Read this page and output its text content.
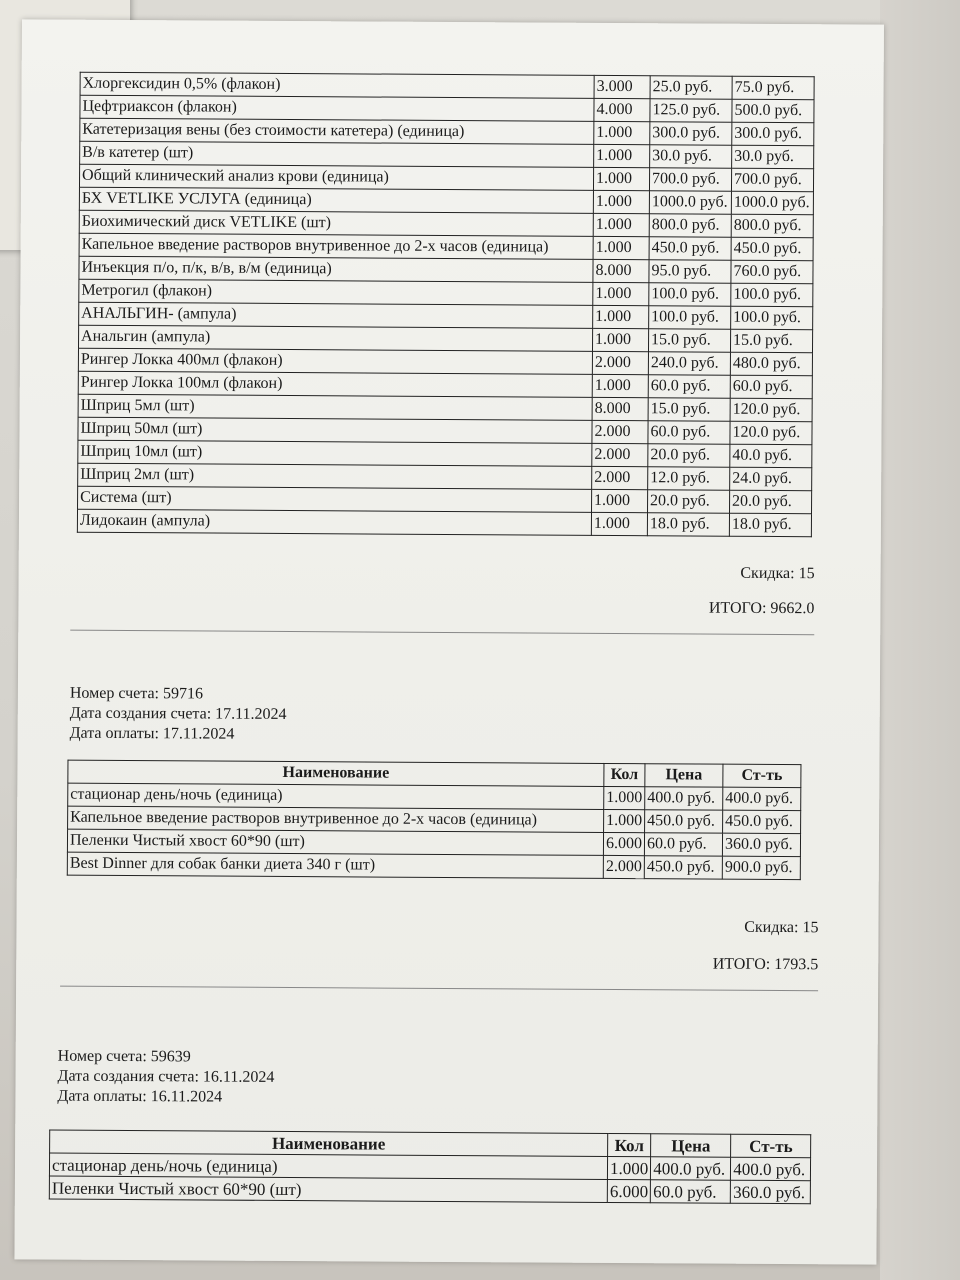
Хлоргексидин 0,5% (флакон)	3.000	25.0 руб.	75.0 руб.
Цефтриаксон (флакон)	4.000	125.0 руб.	500.0 руб.
Катетеризация вены (без стоимости катетера) (единица)	1.000	300.0 руб.	300.0 руб.
В/в катетер (шт)	1.000	30.0 руб.	30.0 руб.
Общий клинический анализ крови (единица)	1.000	700.0 руб.	700.0 руб.
БХ VETLIKE УСЛУГА (единица)	1.000	1000.0 руб.	1000.0 руб.
Биохимический диск VETLIKE (шт)	1.000	800.0 руб.	800.0 руб.
Капельное введение растворов внутривенное до 2-х часов (единица)	1.000	450.0 руб.	450.0 руб.
Инъекция п/о, п/к, в/в, в/м (единица)	8.000	95.0 руб.	760.0 руб.
Метрогил (флакон)	1.000	100.0 руб.	100.0 руб.
АНАЛЬГИН- (ампула)	1.000	100.0 руб.	100.0 руб.
Анальгин (ампула)	1.000	15.0 руб.	15.0 руб.
Рингер Локка 400мл (флакон)	2.000	240.0 руб.	480.0 руб.
Рингер Локка 100мл (флакон)	1.000	60.0 руб.	60.0 руб.
Шприц 5мл (шт)	8.000	15.0 руб.	120.0 руб.
Шприц 50мл (шт)	2.000	60.0 руб.	120.0 руб.
Шприц 10мл (шт)	2.000	20.0 руб.	40.0 руб.
Шприц 2мл (шт)	2.000	12.0 руб.	24.0 руб.
Система (шт)	1.000	20.0 руб.	20.0 руб.
Лидокаин (ампула)	1.000	18.0 руб.	18.0 руб.
Скидка: 15
ИТОГО: 9662.0
Номер счета: 59716
Дата создания счета: 17.11.2024
Дата оплаты: 17.11.2024
Наименование	Кол	Цена	Ст-ть
стационар день/ночь (единица)	1.000	400.0 руб.	400.0 руб.
Капельное введение растворов внутривенное до 2-х часов (единица)	1.000	450.0 руб.	450.0 руб.
Пеленки Чистый хвост 60*90 (шт)	6.000	60.0 руб.	360.0 руб.
Best Dinner для собак банки диета 340 г (шт)	2.000	450.0 руб.	900.0 руб.
Скидка: 15
ИТОГО: 1793.5
Номер счета: 59639
Дата создания счета: 16.11.2024
Дата оплаты: 16.11.2024
Наименование	Кол	Цена	Ст-ть
стационар день/ночь (единица)	1.000	400.0 руб.	400.0 руб.
Пеленки Чистый хвост 60*90 (шт)	6.000	60.0 руб.	360.0 руб.
